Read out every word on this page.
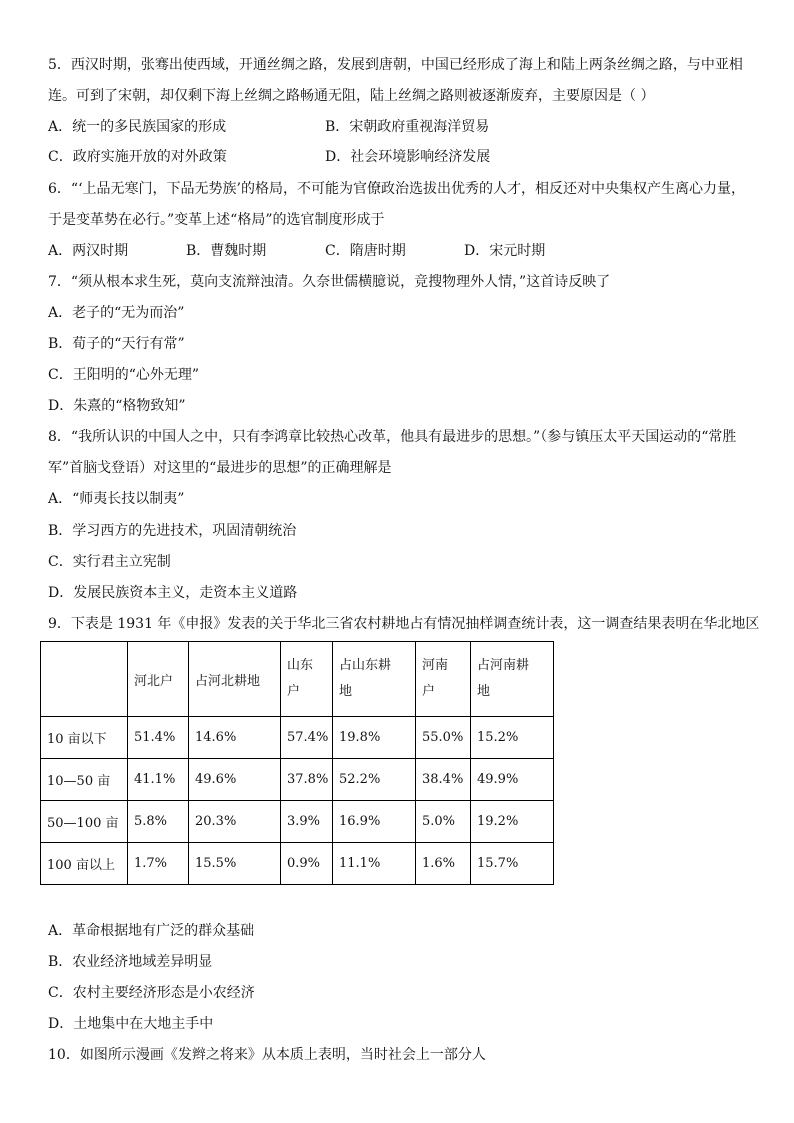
5．西汉时期，张骞出使西域，开通丝绸之路，发展到唐朝，中国已经形成了海上和陆上两条丝绸之路，与中亚相
连。可到了宋朝，却仅剩下海上丝绸之路畅通无阻，陆上丝绸之路则被逐渐废弃，主要原因是（ ）
A．统一的多民族国家的形成	B．宋朝政府重视海洋贸易
C．政府实施开放的对外政策	D．社会环境影响经济发展
6．“‘上品无寒门，下品无势族’的格局，不可能为官僚政治选拔出优秀的人才，相反还对中央集权产生离心力量，
于是变革势在必行。”变革上述“格局”的选官制度形成于
A．两汉时期	B．曹魏时期	C．隋唐时期	D．宋元时期
7．“须从根本求生死，莫向支流辩浊清。久奈世儒横臆说，竞搜物理外人情，”这首诗反映了
A．老子的“无为而治”
B．荀子的“天行有常”
C．王阳明的“心外无理”
D．朱熹的“格物致知”
8．“我所认识的中国人之中，只有李鸿章比较热心改革，他具有最进步的思想。”（参与镇压太平天国运动的“常胜
军”首脑戈登语）对这里的“最进步的思想”的正确理解是
A．“师夷长技以制夷”
B．学习西方的先进技术，巩固清朝统治
C．实行君主立宪制
D．发展民族资本主义，走资本主义道路
9．下表是 1931 年《申报》发表的关于华北三省农村耕地占有情况抽样调查统计表，这一调查结果表明在华北地区
	河北户	占河北耕地	山东户	占山东耕地	河南户	占河南耕地

10 亩以下	51.4%	14.6%	57.4%	19.8%	55.0%	15.2%
10—50 亩	41.1%	49.6%	37.8%	52.2%	38.4%	49.9%
50—100 亩	5.8%	20.3%	3.9%	16.9%	5.0%	19.2%
100 亩以上	1.7%	15.5%	0.9%	11.1%	1.6%	15.7%
A．革命根据地有广泛的群众基础
B．农业经济地域差异明显
C．农村主要经济形态是小农经济
D．土地集中在大地主手中
10．如图所示漫画《发辫之将来》从本质上表明，当时社会上一部分人
